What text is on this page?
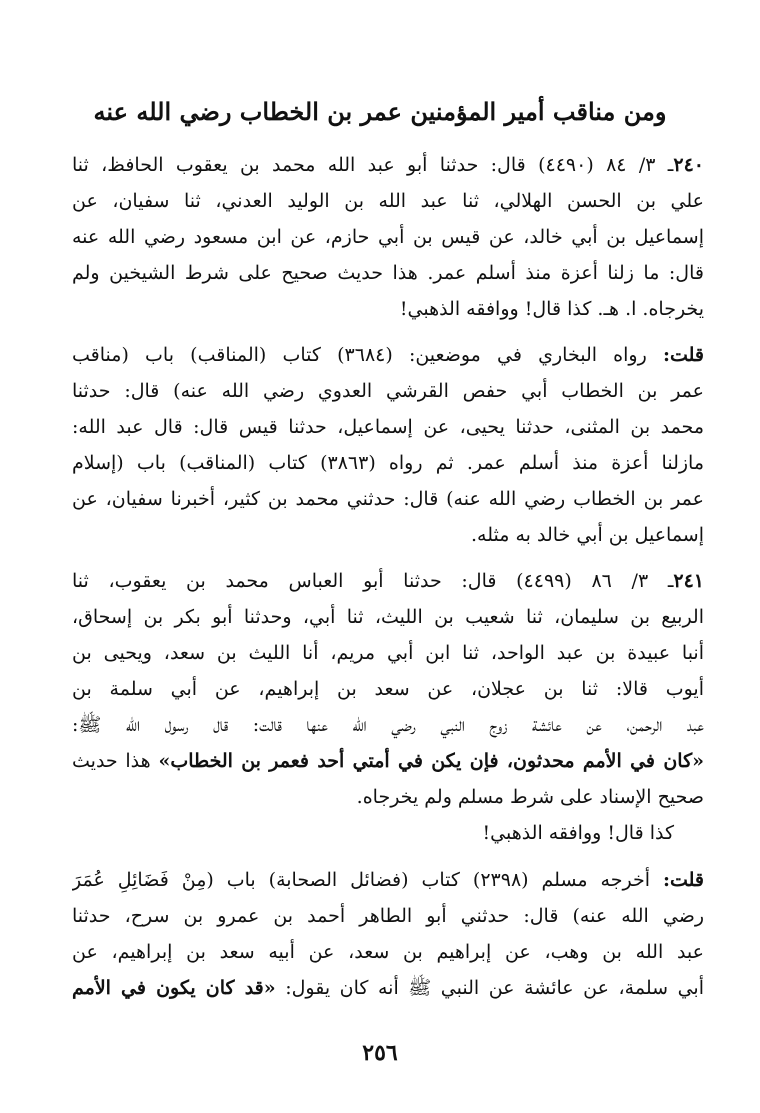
ومن مناقب أمير المؤمنين عمر بن الخطاب رضي الله عنه
٢٤٠ـ ٣/ ٨٤ (٤٤٩٠) قال: حدثنا أبو عبد الله محمد بن يعقوب الحافظ، ثنا
علي بن الحسن الهلالي، ثنا عبد الله بن الوليد العدني، ثنا سفيان، عن
إسماعيل بن أبي خالد، عن قيس بن أبي حازم، عن ابن مسعود رضي الله عنه
قال: ما زلنا أعزة منذ أسلم عمر. هذا حديث صحيح على شرط الشيخين ولم
يخرجاه. ا. هـ. كذا قال! ووافقه الذهبي!
قلت: رواه البخاري في موضعين: (٣٦٨٤) كتاب (المناقب) باب (مناقب
عمر بن الخطاب أبي حفص القرشي العدوي رضي الله عنه) قال: حدثنا
محمد بن المثنى، حدثنا يحيى، عن إسماعيل، حدثنا قيس قال: قال عبد الله:
مازلنا أعزة منذ أسلم عمر. ثم رواه (٣٨٦٣) كتاب (المناقب) باب (إسلام
عمر بن الخطاب رضي الله عنه) قال: حدثني محمد بن كثير، أخبرنا سفيان، عن
إسماعيل بن أبي خالد به مثله.
٢٤١ـ ٣/ ٨٦ (٤٤٩٩) قال: حدثنا أبو العباس محمد بن يعقوب، ثنا
الربيع بن سليمان، ثنا شعيب بن الليث، ثنا أبي، وحدثنا أبو بكر بن إسحاق،
أنبا عبيدة بن عبد الواحد، ثنا ابن أبي مريم، أنا الليث بن سعد، ويحيى بن
أيوب قالا: ثنا بن عجلان، عن سعد بن إبراهيم، عن أبي سلمة بن
عبد الرحمن، عن عائشة زوج النبي رضي الله عنها قالت: قال رسول الله ﷺ:
«كان في الأمم محدثون، فإن يكن في أمتي أحد فعمر بن الخطاب» هذا حديث
صحيح الإسناد على شرط مسلم ولم يخرجاه.
كذا قال! ووافقه الذهبي!
قلت: أخرجه مسلم (٢٣٩٨) كتاب (فضائل الصحابة) باب (مِنْ فَضَائِلِ عُمَرَ
رضي الله عنه) قال: حدثني أبو الطاهر أحمد بن عمرو بن سرح، حدثنا
عبد الله بن وهب، عن إبراهيم بن سعد، عن أبيه سعد بن إبراهيم، عن
أبي سلمة، عن عائشة عن النبي ﷺ أنه كان يقول: «قد كان يكون في الأمم
٢٥٦
